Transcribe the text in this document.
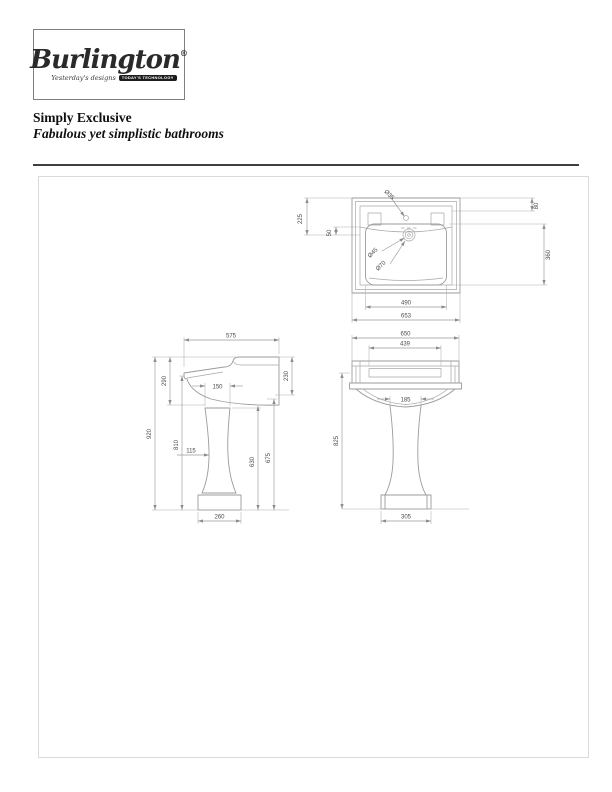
Burlington®
Yesterday's designs	TODAY'S TECHNOLOGY
Simply Exclusive
Fabulous yet simplistic bathrooms
Ø35
Ø45
Ø70
225
50
80
360
490
653
575
920
290
810
230
150
115
630 675
260
650
439
185
825
305
